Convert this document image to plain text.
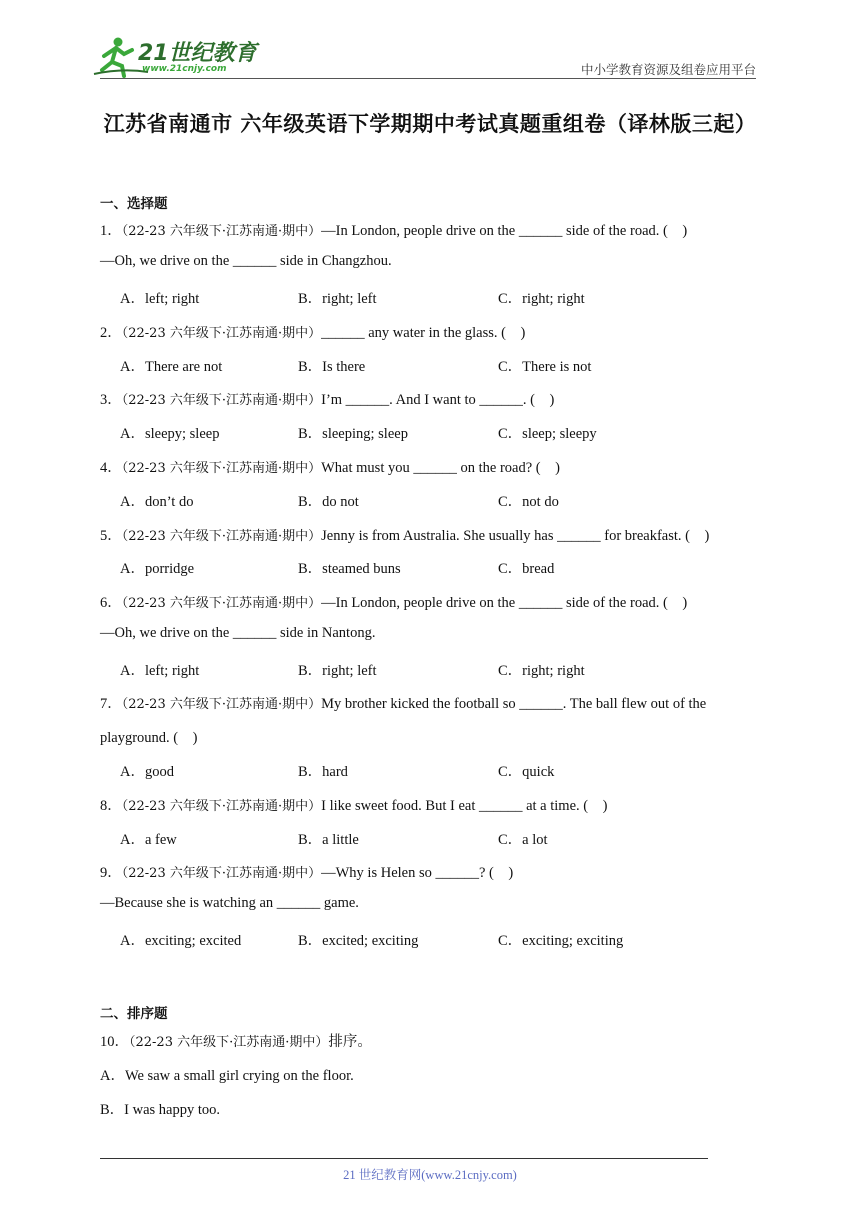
21世纪教育
www.21cnjy.com	中小学教育资源及组卷应用平台
江苏省南通市 六年级英语下学期期中考试真题重组卷（译林版三起）
一、选择题
1．（22-23 六年级下·江苏南通·期中）—In London, people drive on the ______ side of the road. (　)
—Oh, we drive on the ______ side in Changzhou.
A．left; right	B．right; left	C．right; right
2．（22-23 六年级下·江苏南通·期中）______ any water in the glass. (　)
A．There are not	B．Is there	C．There is not
3．（22-23 六年级下·江苏南通·期中）I’m ______. And I want to ______. (　)
A．sleepy; sleep	B．sleeping; sleep	C．sleep; sleepy
4．（22-23 六年级下·江苏南通·期中）What must you ______ on the road? (　)
A．don’t do	B．do not	C．not do
5．（22-23 六年级下·江苏南通·期中）Jenny is from Australia. She usually has ______ for breakfast. (　)
A．porridge	B．steamed buns	C．bread
6．（22-23 六年级下·江苏南通·期中）—In London, people drive on the ______ side of the road. (　)
—Oh, we drive on the ______ side in Nantong.
A．left; right	B．right; left	C．right; right
7．（22-23 六年级下·江苏南通·期中）My brother kicked the football so ______. The ball flew out of the
playground. (　)
A．good	B．hard	C．quick
8．（22-23 六年级下·江苏南通·期中）I like sweet food. But I eat ______ at a time. (　)
A．a few	B．a little	C．a lot
9．（22-23 六年级下·江苏南通·期中）—Why is Helen so ______? (　)
—Because she is watching an ______ game.
A．exciting; excited	B．excited; exciting	C．exciting; exciting
二、排序题
10．（22-23 六年级下·江苏南通·期中）排序。
A．We saw a small girl crying on the floor.
B．I was happy too.
21 世纪教育网(www.21cnjy.com)
